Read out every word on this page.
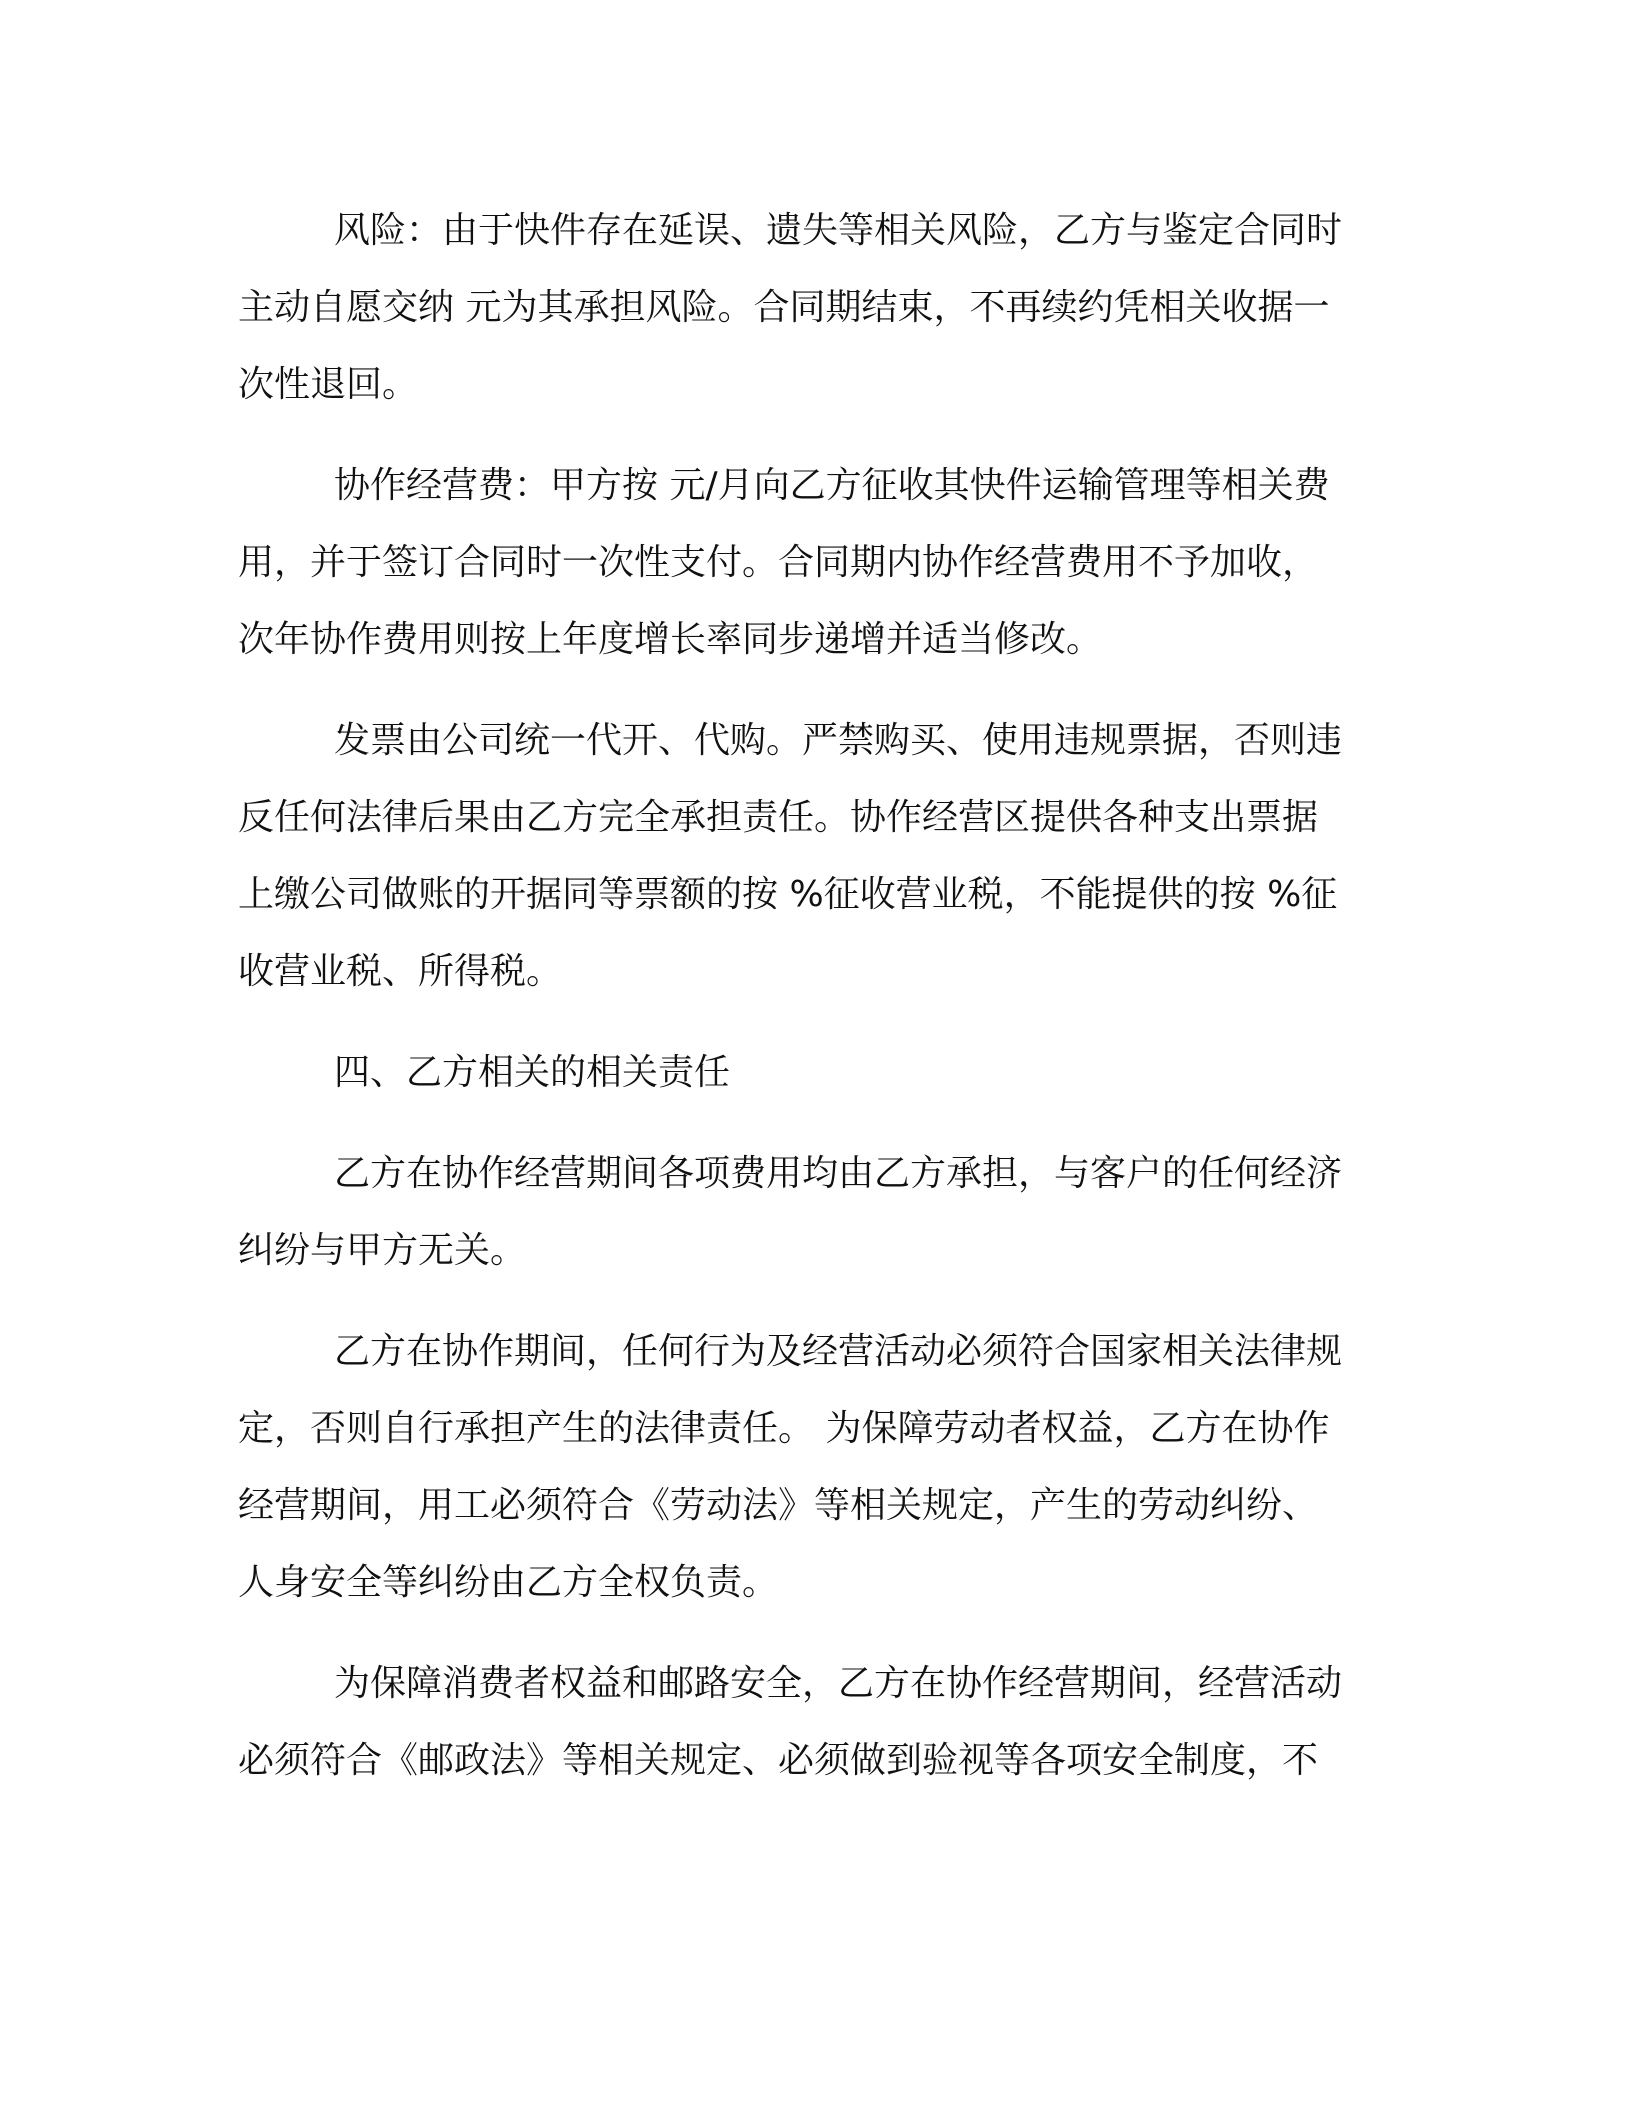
风险：由于快件存在延误、遗失等相关风险，乙方与鉴定合同时
主动自愿交纳 元为其承担风险。合同期结束，不再续约凭相关收据一
次性退回。
协作经营费：甲方按 元/月向乙方征收其快件运输管理等相关费
用，并于签订合同时一次性支付。合同期内协作经营费用不予加收，
次年协作费用则按上年度增长率同步递增并适当修改。
发票由公司统一代开、代购。严禁购买、使用违规票据，否则违
反任何法律后果由乙方完全承担责任。协作经营区提供各种支出票据
上缴公司做账的开据同等票额的按 %征收营业税，不能提供的按 %征
收营业税、所得税。
四、乙方相关的相关责任
乙方在协作经营期间各项费用均由乙方承担，与客户的任何经济
纠纷与甲方无关。
乙方在协作期间，任何行为及经营活动必须符合国家相关法律规
定，否则自行承担产生的法律责任。 为保障劳动者权益，乙方在协作
经营期间，用工必须符合《劳动法》等相关规定，产生的劳动纠纷、
人身安全等纠纷由乙方全权负责。
为保障消费者权益和邮路安全，乙方在协作经营期间，经营活动
必须符合《邮政法》等相关规定、必须做到验视等各项安全制度，不
